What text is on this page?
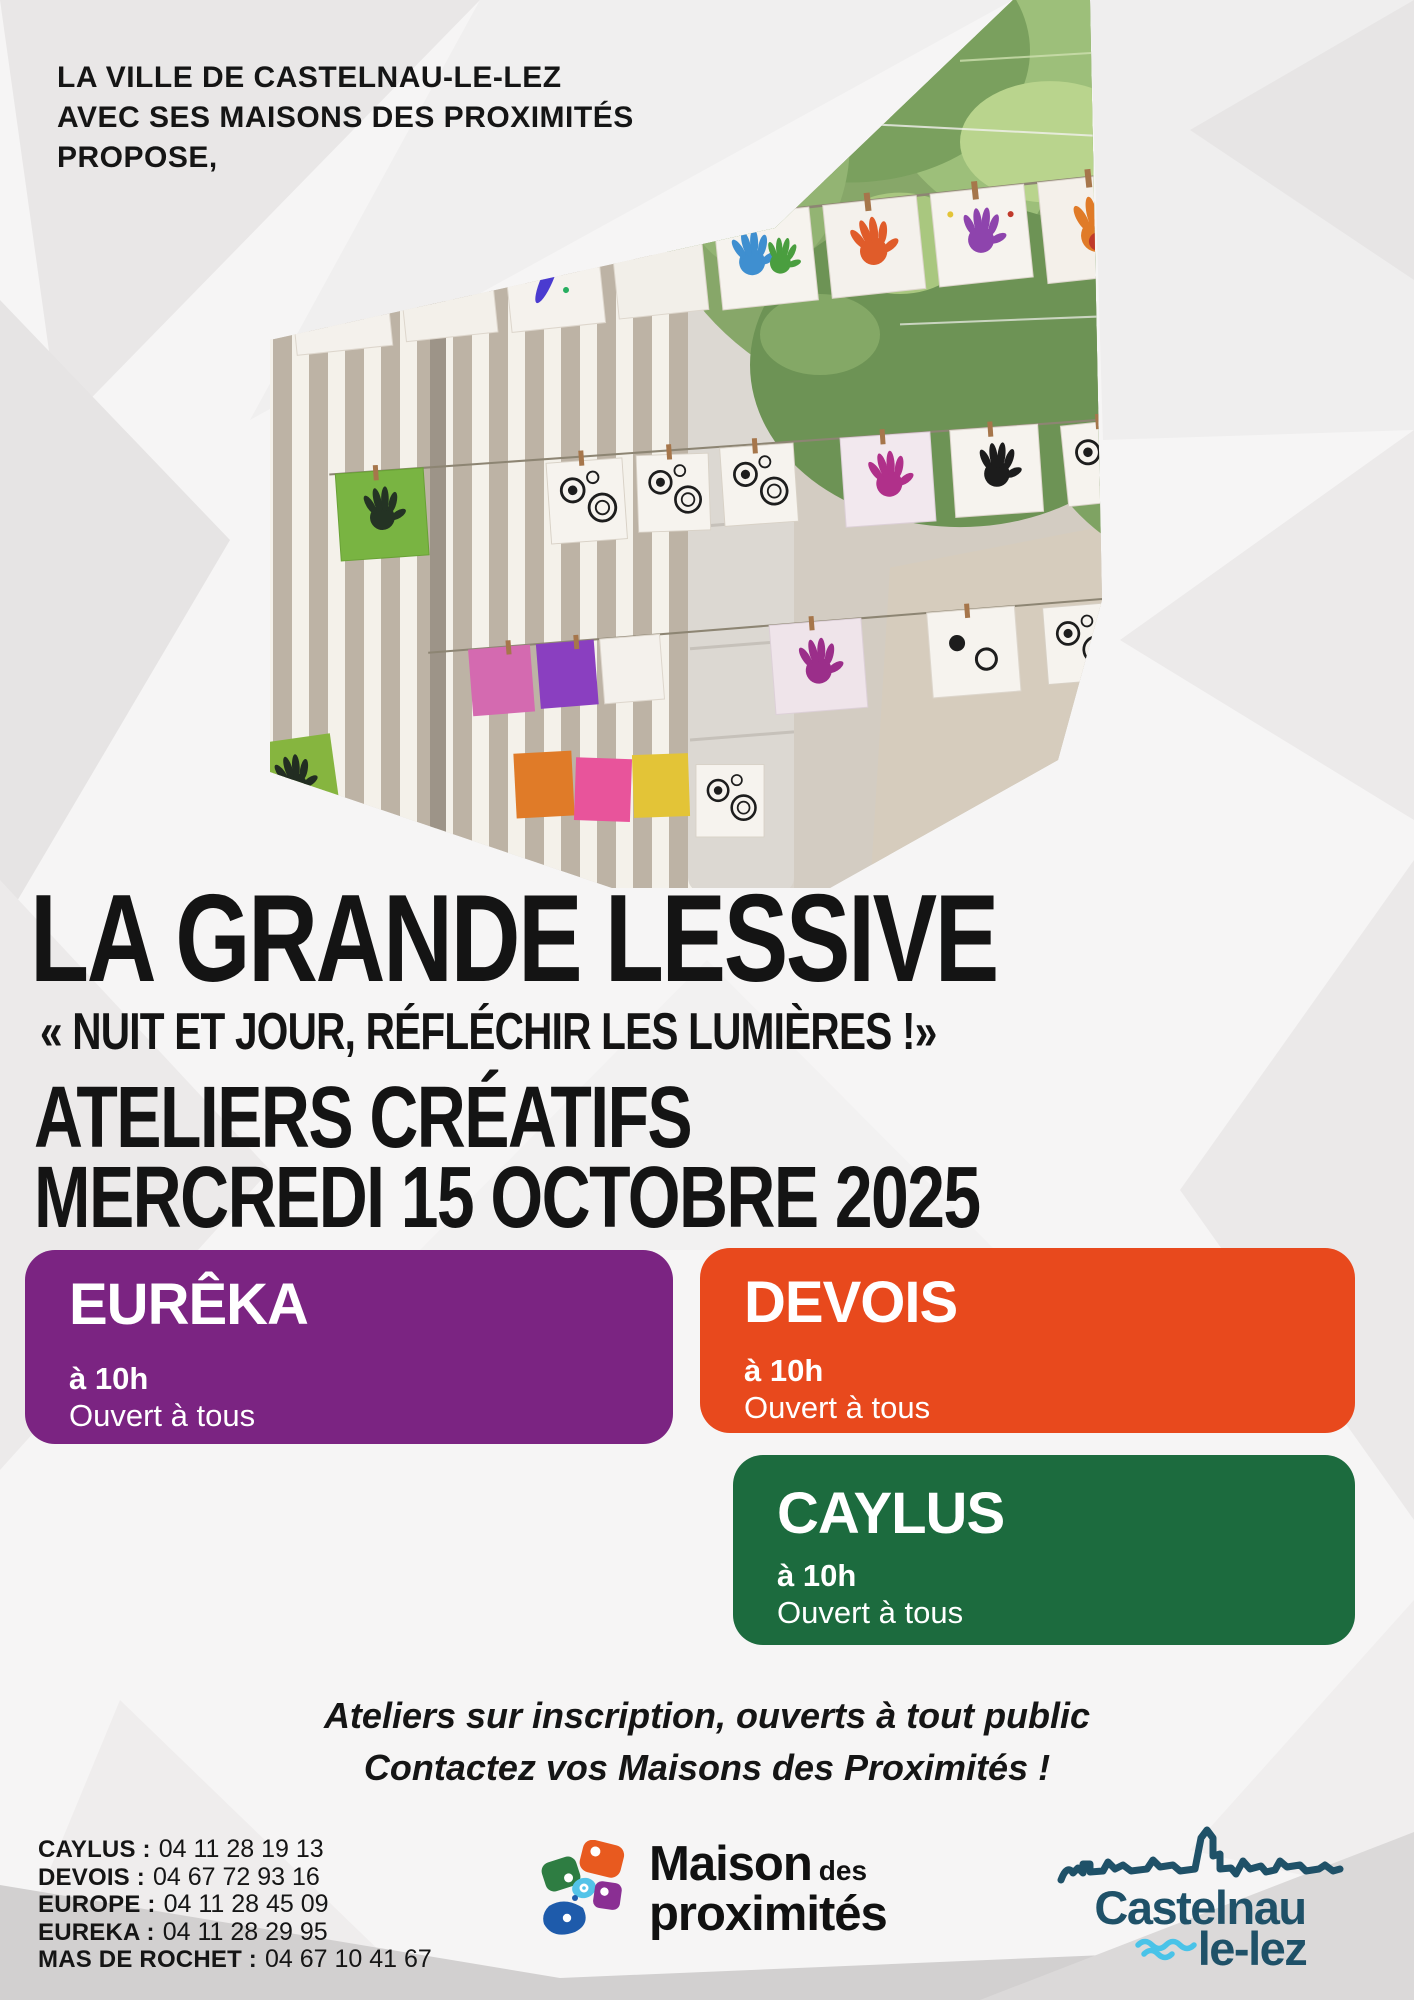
LA VILLE DE CASTELNAU-LE-LEZ
AVEC SES MAISONS DES PROXIMITÉS
PROPOSE,
LA GRANDE LESSIVE
« NUIT ET JOUR, RÉFLÉCHIR LES LUMIÈRES !»
ATELIERS CRÉATIFS
MERCREDI 15 OCTOBRE 2025
EURÊKA
à 10h
Ouvert à tous
DEVOIS
à 10h
Ouvert à tous
CAYLUS
à 10h
Ouvert à tous
Ateliers sur inscription, ouverts à tout public
Contactez vos Maisons des Proximités !
CAYLUS : 04 11 28 19 13
DEVOIS : 04 67 72 93 16
EUROPE : 04 11 28 45 09
EUREKA : 04 11 28 29 95
MAS DE ROCHET : 04 67 10 41 67
Maison des
proximités	Castelnau
le-lez
